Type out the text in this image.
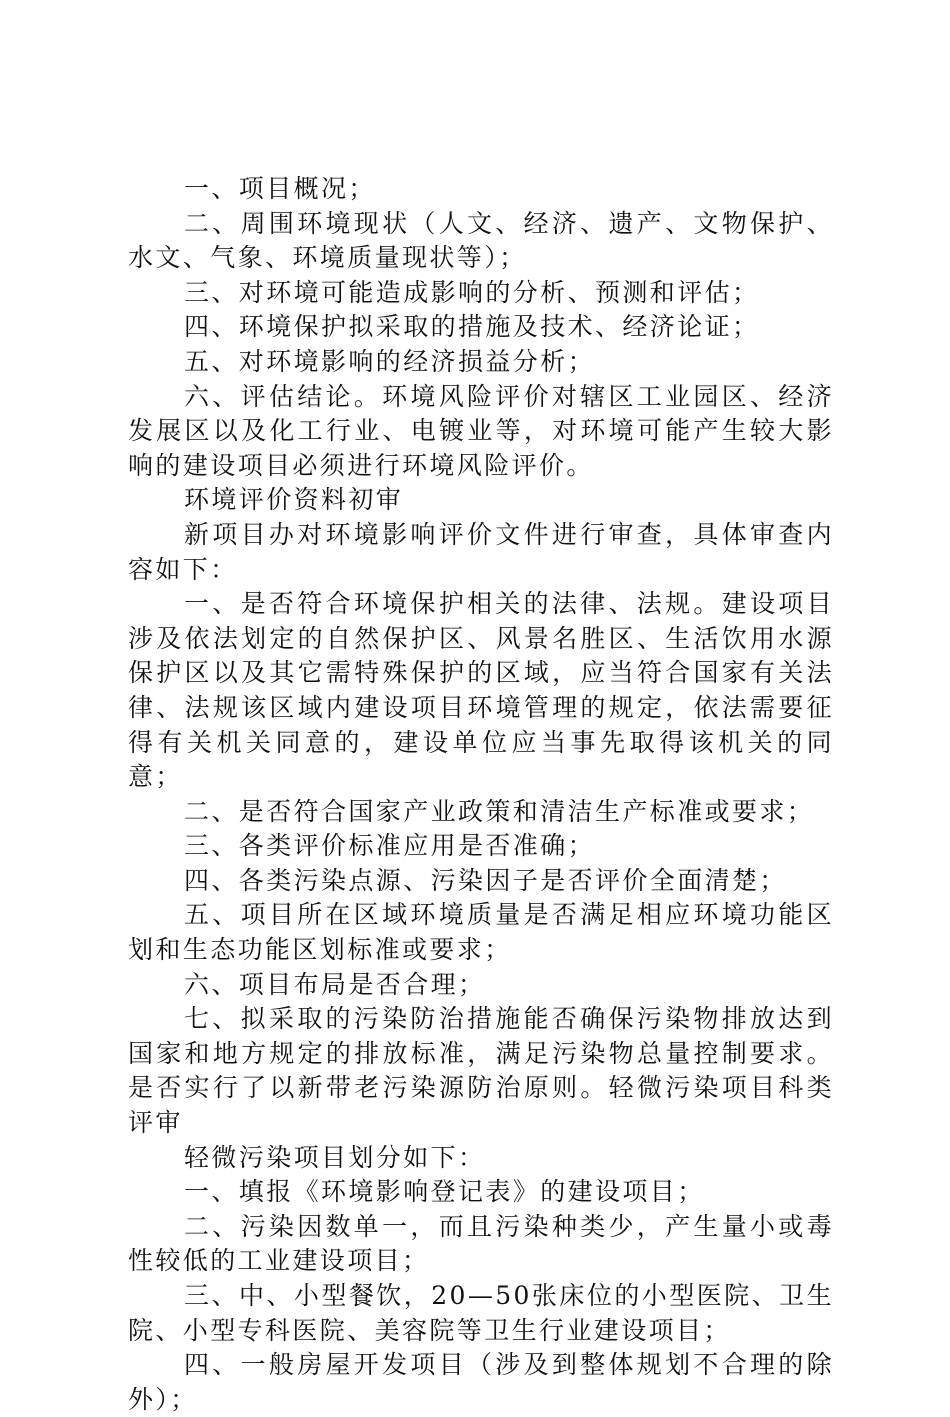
一、项目概况；

二、周围环境现状（人文、经济、遗产、文物保护、水文、气象、环境质量现状等）；

三、对环境可能造成影响的分析、预测和评估；

四、环境保护拟采取的措施及技术、经济论证；

五、对环境影响的经济损益分析；

六、评估结论。环境风险评价对辖区工业园区、经济发展区以及化工行业、电镀业等，对环境可能产生较大影响的建设项目必须进行环境风险评价。

环境评价资料初审

新项目办对环境影响评价文件进行审查，具体审查内容如下：

一、是否符合环境保护相关的法律、法规。建设项目涉及依法划定的自然保护区、风景名胜区、生活饮用水源保护区以及其它需特殊保护的区域，应当符合国家有关法律、法规该区域内建设项目环境管理的规定，依法需要征得有关机关同意的，建设单位应当事先取得该机关的同意；

二、是否符合国家产业政策和清洁生产标准或要求；

三、各类评价标准应用是否准确；

四、各类污染点源、污染因子是否评价全面清楚；

五、项目所在区域环境质量是否满足相应环境功能区划和生态功能区划标准或要求；

六、项目布局是否合理；

七、拟采取的污染防治措施能否确保污染物排放达到国家和地方规定的排放标准，满足污染物总量控制要求。是否实行了以新带老污染源防治原则。轻微污染项目科类评审

轻微污染项目划分如下：

一、填报《环境影响登记表》的建设项目；

二、污染因数单一，而且污染种类少，产生量小或毒性较低的工业建设项目；

三、中、小型餐饮，20—50张床位的小型医院、卫生院、小型专科医院、美容院等卫生行业建设项目；

四、一般房屋开发项目（涉及到整体规划不合理的除外）；
